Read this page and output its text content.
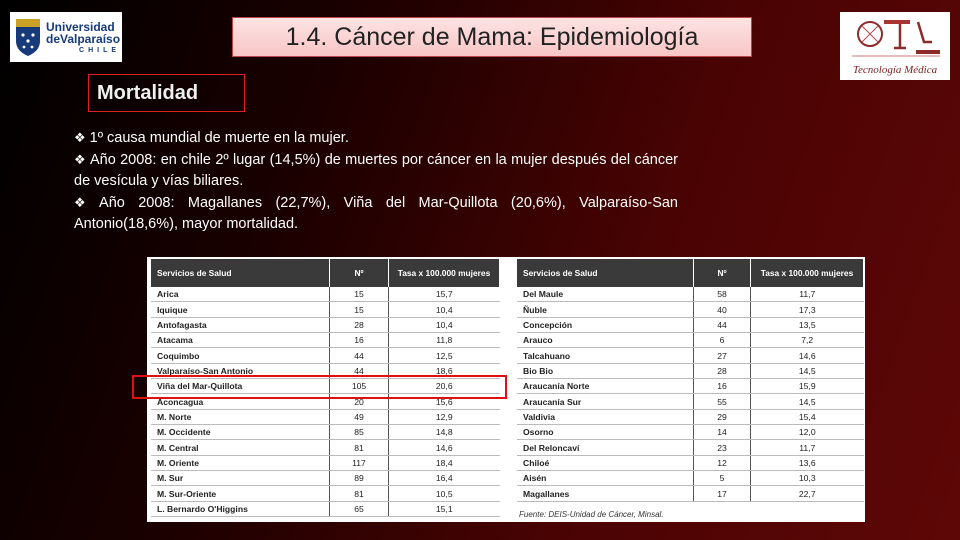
Universidad
deValparaíso
CHILE	1.4. Cáncer de Mama: Epidemiología
Tecnología Médica
Mortalidad

❖ 1º causa mundial de muerte en la mujer.

❖ Año 2008: en chile 2º lugar (14,5%) de muertes por cáncer en la mujer después del cáncer de vesícula y vías biliares.

❖ Año 2008: Magallanes (22,7%), Viña del Mar-Quillota (20,6%), Valparaíso-San Antonio(18,6%), mayor mortalidad.

Servicios de Salud	Nº	Tasa x 100.000 mujeres
Arica	15	15,7
Iquique	15	10,4
Antofagasta	28	10,4
Atacama	16	11,8
Coquimbo	44	12,5
Valparaíso-San Antonio	44	18,6
Viña del Mar-Quillota	105	20,6
Aconcagua	20	15,6
M. Norte	49	12,9
M. Occidente	85	14,8
M. Central	81	14,6
M. Oriente	117	18,4
M. Sur	89	16,4
M. Sur-Oriente	81	10,5
L. Bernardo O'Higgins	65	15,1
Servicios de Salud	Nº	Tasa x 100.000 mujeres
Del Maule	58	11,7
Ñuble	40	17,3
Concepción	44	13,5
Arauco	6	7,2
Talcahuano	27	14,6
Bio Bio	28	14,5
Araucanía Norte	16	15,9
Araucanía Sur	55	14,5
Valdivia	29	15,4
Osorno	14	12,0
Del Reloncaví	23	11,7
Chiloé	12	13,6
Aisén	5	10,3
Magallanes	17	22,7
Fuente: DEIS-Unidad de Cáncer, Minsal.
